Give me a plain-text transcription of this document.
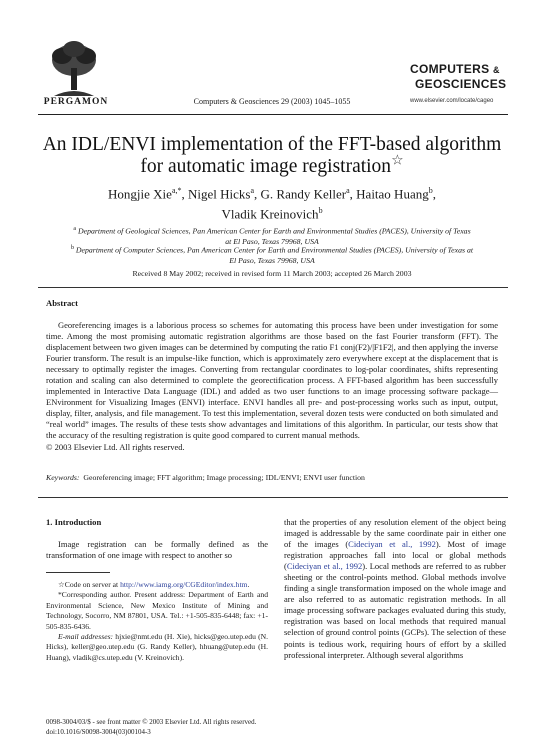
PERGAMON	Computers & Geosciences 29 (2003) 1045–1055
COMPUTERS &
GEOSCIENCES
www.elsevier.com/locate/cageo
An IDL/ENVI implementation of the FFT-based algorithm for automatic image registration☆
Hongjie Xie$^{a,*}$, Nigel Hicks$^a$, G. Randy Keller$^a$, Haitao Huang$^b$,
Vladik Kreinovich$^b$
$^a$ Department of Geological Sciences, Pan American Center for Earth and Environmental Studies (PACES), University of Texas at El Paso, Texas 79968, USA
$^b$ Department of Computer Sciences, Pan American Center for Earth and Environmental Studies (PACES), University of Texas at El Paso, Texas 79968, USA
Received 8 May 2002; received in revised form 11 March 2003; accepted 26 March 2003
Abstract
Georeferencing images is a laborious process so schemes for automating this process have been under investigation for some time. Among the most promising automatic registration algorithms are those based on the fast Fourier transform (FFT). The displacement between two given images can be determined by computing the ratio F1 conj(F2)/|F1F2|, and then applying the inverse Fourier transform. The result is an impulse-like function, which is approximately zero everywhere except at the displacement that is necessary to optimally register the images. Converting from rectangular coordinates to log-polar coordinates, shifts representing rotation and scaling can also determined to complete the georectification process. A FFT-based algorithm has been successfully implemented in Interactive Data Language (IDL) and added as two user functions to an image processing software package—ENvironment for Visualizing Images (ENVI) interface. ENVI handles all pre- and post-processing works such as input, output, display, filter, analysis, and file management. To test this implementation, several dozen tests were conducted on both simulated and “real world” images. The results of these tests show advantages and limitations of this algorithm. In particular, our tests show that the accuracy of the resulting registration is quite good compared to current manual methods.
© 2003 Elsevier Ltd. All rights reserved.
Keywords: Georeferencing image; FFT algorithm; Image processing; IDL/ENVI; ENVI user function
1. Introduction
Image registration can be formally defined as the transformation of one image with respect to another so

☆Code on server at http://www.iamg.org/CGEditor/index.htm.

*Corresponding author. Present address: Department of Earth and Environmental Science, New Mexico Institute of Mining and Technology, Socorro, NM 87801, USA. Tel.: +1-505-835-6448; fax: +1-505-835-6436.

E-mail addresses: hjxie@nmt.edu (H. Xie), hicks@geo.utep.edu (N. Hicks), keller@geo.utep.edu (G. Randy Keller), hhuang@utep.edu (H. Huang), vladik@cs.utep.edu (V. Kreinovich).

that the properties of any resolution element of the object being imaged is addressable by the same coordinate pair in either one of the images (Cideciyan et al., 1992). Most of image registration approaches fall into local or global methods (Cideciyan et al., 1992). Local methods are referred to as rubber sheeting or the control-points method. Global methods involve finding a single transformation imposed on the whole image and are also referred to as automatic registration methods. In all image processing software packages evaluated during this study, registration was based on local methods that required manual selection of ground control points (GCPs). The selection of these points is tedious work, requiring hours of effort by a skilled professional interpreter. Although several algorithms
0098-3004/03/$ - see front matter © 2003 Elsevier Ltd. All rights reserved.
doi:10.1016/S0098-3004(03)00104-3
